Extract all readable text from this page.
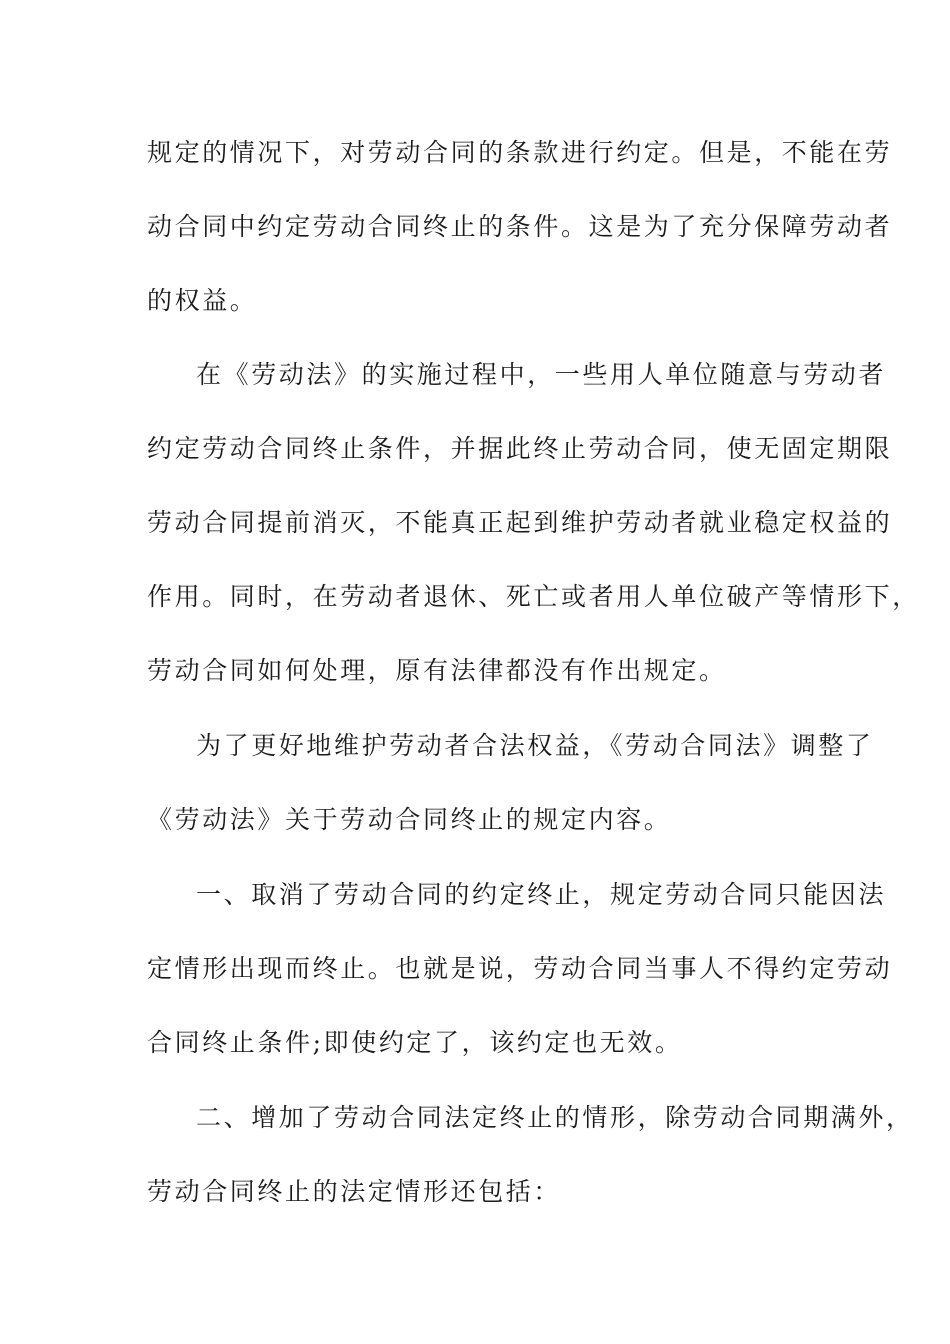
规定的情况下，对劳动合同的条款进行约定。但是，不能在劳
动合同中约定劳动合同终止的条件。这是为了充分保障劳动者
的权益。
在《劳动法》的实施过程中，一些用人单位随意与劳动者
约定劳动合同终止条件，并据此终止劳动合同，使无固定期限
劳动合同提前消灭，不能真正起到维护劳动者就业稳定权益的
作用。同时，在劳动者退休、死亡或者用人单位破产等情形下，
劳动合同如何处理，原有法律都没有作出规定。
为了更好地维护劳动者合法权益，《劳动合同法》调整了
《劳动法》关于劳动合同终止的规定内容。
一、取消了劳动合同的约定终止，规定劳动合同只能因法
定情形出现而终止。也就是说，劳动合同当事人不得约定劳动
合同终止条件;即使约定了，该约定也无效。
二、增加了劳动合同法定终止的情形，除劳动合同期满外，
劳动合同终止的法定情形还包括：
